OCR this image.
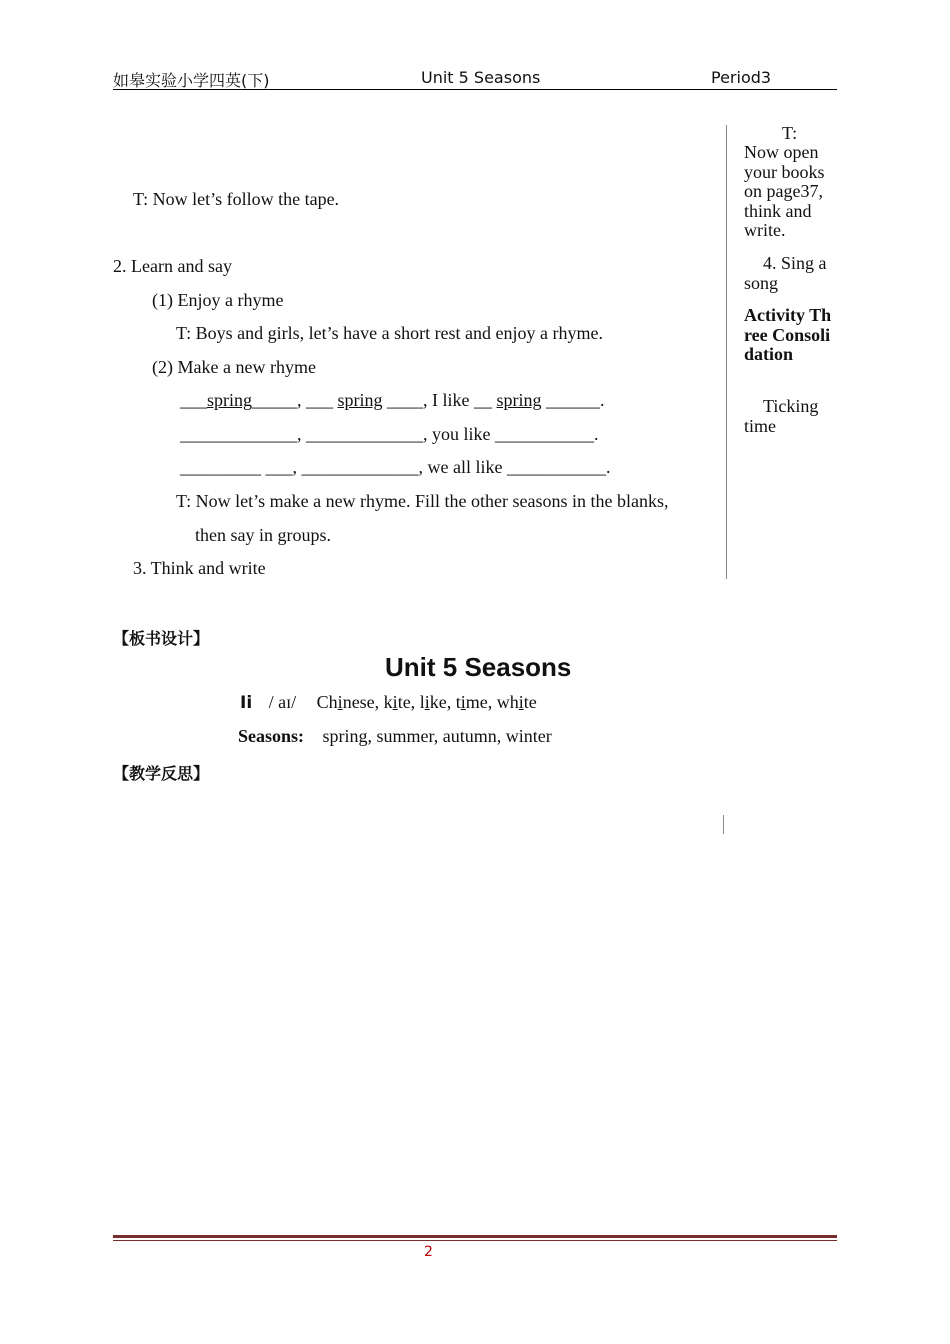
如皋实验小学四英(下)	Unit 5 Seasons	Period3
T: Now let’s follow the tape.
2. Learn and say
(1) Enjoy a rhyme
T: Boys and girls, let’s have a short rest and enjoy a rhyme.
(2) Make a new rhyme
___spring_____, ___ spring ____, I like __ spring ______.
_____________, _____________, you like ___________.
_________ ___, _____________, we all like ___________.
T: Now let’s make a new rhyme. Fill the other seasons in the blanks,
then say in groups.
3. Think and write
T:
Now open your books on page37, think and write.
4. Sing a song
Activity Three Consolidation
Ticking time
【板书设计】
Unit 5 Seasons
Ii / aɪ/ Chinese, kite, like, time, white
Seasons: spring, summer, autumn, winter
【教学反思】
2
